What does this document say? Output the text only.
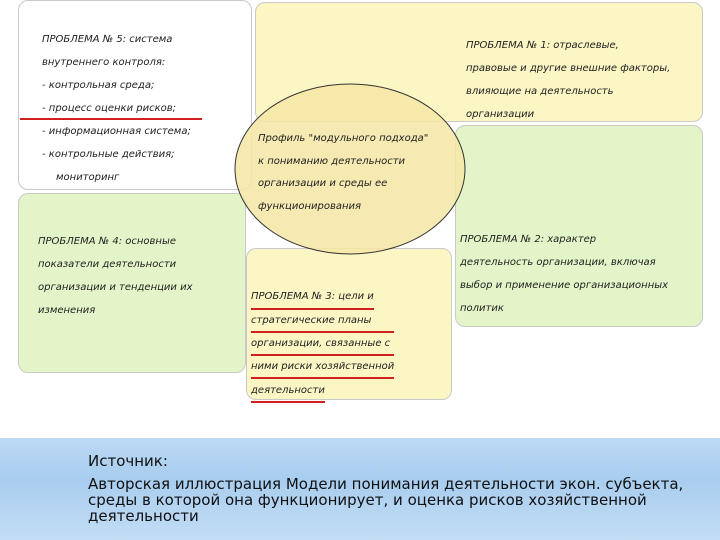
ПРОБЛЕМА № 5: система
внутреннего контроля:
- контрольная среда;
- процесс оценки рисков;
- информационная система;
- контрольные действия;
мониторинг
ПРОБЛЕМА № 1: отраслевые,
правовые и другие внешние факторы,
влияющие на деятельность
организации
ПРОБЛЕМА № 4: основные
показатели деятельности
организации и тенденции их
изменения
ПРОБЛЕМА № 2: характер
деятельность организации, включая
выбор и применение организационных
политик
ПРОБЛЕМА № 3: цели и
стратегические планы
организации, связанные с
ними риски хозяйственной
деятельности
Профиль "модульного подхода"
к пониманию деятельности
организации и среды ее
функционирования
Источник:
Авторская иллюстрация Модели понимания деятельности экон. субъекта, среды в которой она функционирует, и оценка рисков хозяйственной деятельности
